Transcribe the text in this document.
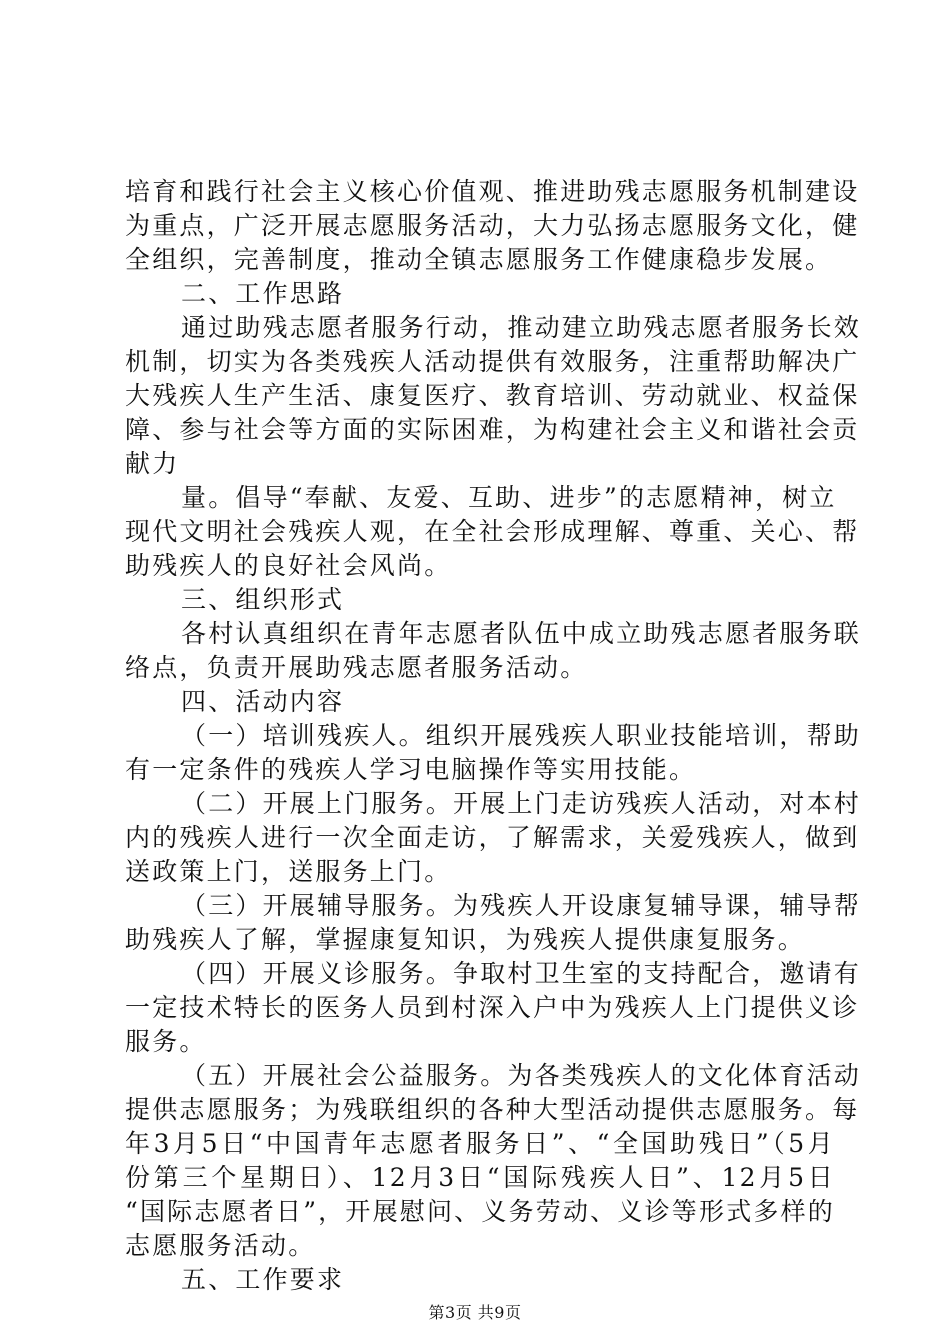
培育和践行社会主义核心价值观、推进助残志愿服务机制建设
为重点，广泛开展志愿服务活动，大力弘扬志愿服务文化，健
全组织，完善制度，推动全镇志愿服务工作健康稳步发展。
二、工作思路
通过助残志愿者服务行动，推动建立助残志愿者服务长效
机制，切实为各类残疾人活动提供有效服务，注重帮助解决广
大残疾人生产生活、康复医疗、教育培训、劳动就业、权益保
障、参与社会等方面的实际困难，为构建社会主义和谐社会贡
献力
量。倡导“奉献、友爱、互助、进步”的志愿精神，树立
现代文明社会残疾人观，在全社会形成理解、尊重、关心、帮
助残疾人的良好社会风尚。
三、组织形式
各村认真组织在青年志愿者队伍中成立助残志愿者服务联
络点，负责开展助残志愿者服务活动。
四、活动内容
（一）培训残疾人。组织开展残疾人职业技能培训，帮助
有一定条件的残疾人学习电脑操作等实用技能。
（二）开展上门服务。开展上门走访残疾人活动，对本村
内的残疾人进行一次全面走访，了解需求，关爱残疾人，做到
送政策上门，送服务上门。
（三）开展辅导服务。为残疾人开设康复辅导课，辅导帮
助残疾人了解，掌握康复知识，为残疾人提供康复服务。
（四）开展义诊服务。争取村卫生室的支持配合，邀请有
一定技术特长的医务人员到村深入户中为残疾人上门提供义诊
服务。
（五）开展社会公益服务。为各类残疾人的文化体育活动
提供志愿服务；为残联组织的各种大型活动提供志愿服务。每
年3月5日“中国青年志愿者服务日”、“全国助残日”（5月
份第三个星期日）、12月3日“国际残疾人日”、12月5日
“国际志愿者日”，开展慰问、义务劳动、义诊等形式多样的
志愿服务活动。
五、工作要求
第3页 共9页
